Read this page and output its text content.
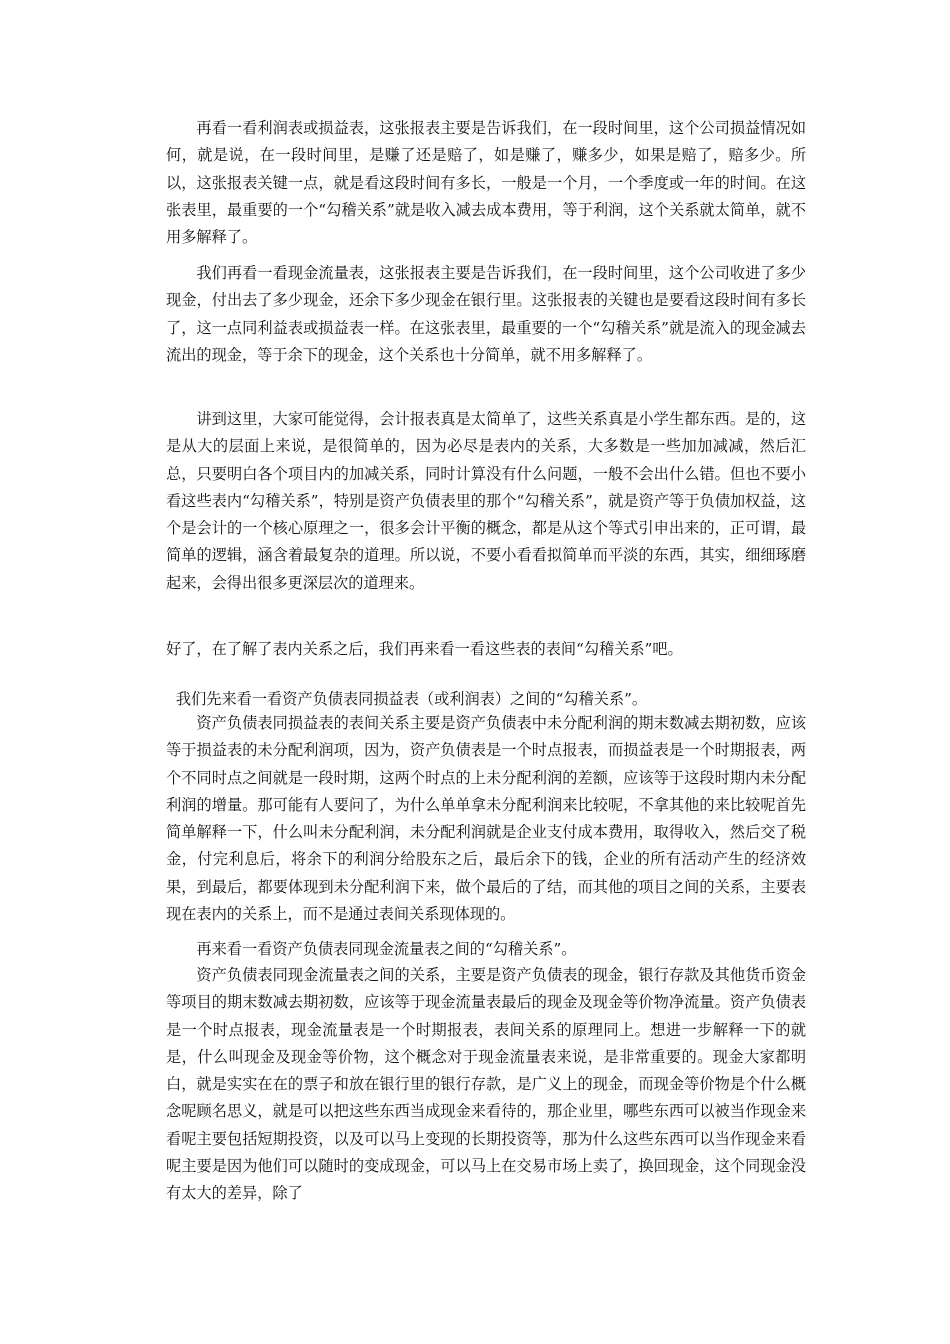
再看一看利润表或损益表，这张报表主要是告诉我们，在一段时间里，这个公司损益情况如何，就是说，在一段时间里，是赚了还是赔了，如是赚了，赚多少，如果是赔了，赔多少。所以，这张报表关键一点，就是看这段时间有多长，一般是一个月，一个季度或一年的时间。在这张表里，最重要的一个“勾稽关系”就是收入减去成本费用，等于利润，这个关系就太简单，就不用多解释了。

我们再看一看现金流量表，这张报表主要是告诉我们，在一段时间里，这个公司收进了多少现金，付出去了多少现金，还余下多少现金在银行里。这张报表的关键也是要看这段时间有多长了，这一点同利益表或损益表一样。在这张表里，最重要的一个“勾稽关系”就是流入的现金减去流出的现金，等于余下的现金，这个关系也十分简单，就不用多解释了。

讲到这里，大家可能觉得，会计报表真是太简单了，这些关系真是小学生都东西。是的，这是从大的层面上来说，是很简单的，因为必尽是表内的关系，大多数是一些加加减减，然后汇总，只要明白各个项目内的加减关系，同时计算没有什么问题，一般不会出什么错。但也不要小看这些表内“勾稽关系”，特别是资产负债表里的那个“勾稽关系”，就是资产等于负债加权益，这个是会计的一个核心原理之一，很多会计平衡的概念，都是从这个等式引申出来的，正可谓，最简单的逻辑，涵含着最复杂的道理。所以说，不要小看看拟简单而平淡的东西，其实，细细琢磨起来，会得出很多更深层次的道理来。

好了，在了解了表内关系之后，我们再来看一看这些表的表间“勾稽关系”吧。

我们先来看一看资产负债表同损益表（或利润表）之间的“勾稽关系”。

资产负债表同损益表的表间关系主要是资产负债表中未分配利润的期末数减去期初数，应该等于损益表的未分配利润项，因为，资产负债表是一个时点报表，而损益表是一个时期报表，两个不同时点之间就是一段时期，这两个时点的上未分配利润的差额，应该等于这段时期内未分配利润的增量。那可能有人要问了，为什么单单拿未分配利润来比较呢，不拿其他的来比较呢首先简单解释一下，什么叫未分配利润，未分配利润就是企业支付成本费用，取得收入，然后交了税金，付完利息后，将余下的利润分给股东之后，最后余下的钱，企业的所有活动产生的经济效果，到最后，都要体现到未分配利润下来，做个最后的了结，而其他的项目之间的关系，主要表现在表内的关系上，而不是通过表间关系现体现的。

再来看一看资产负债表同现金流量表之间的“勾稽关系”。

资产负债表同现金流量表之间的关系，主要是资产负债表的现金，银行存款及其他货币资金等项目的期末数减去期初数，应该等于现金流量表最后的现金及现金等价物净流量。资产负债表是一个时点报表，现金流量表是一个时期报表，表间关系的原理同上。想进一步解释一下的就是，什么叫现金及现金等价物，这个概念对于现金流量表来说，是非常重要的。现金大家都明白，就是实实在在的票子和放在银行里的银行存款，是广义上的现金，而现金等价物是个什么概念呢顾名思义，就是可以把这些东西当成现金来看待的，那企业里，哪些东西可以被当作现金来看呢主要包括短期投资，以及可以马上变现的长期投资等，那为什么这些东西可以当作现金来看呢主要是因为他们可以随时的变成现金，可以马上在交易市场上卖了，换回现金，这个同现金没有太大的差异，除了
